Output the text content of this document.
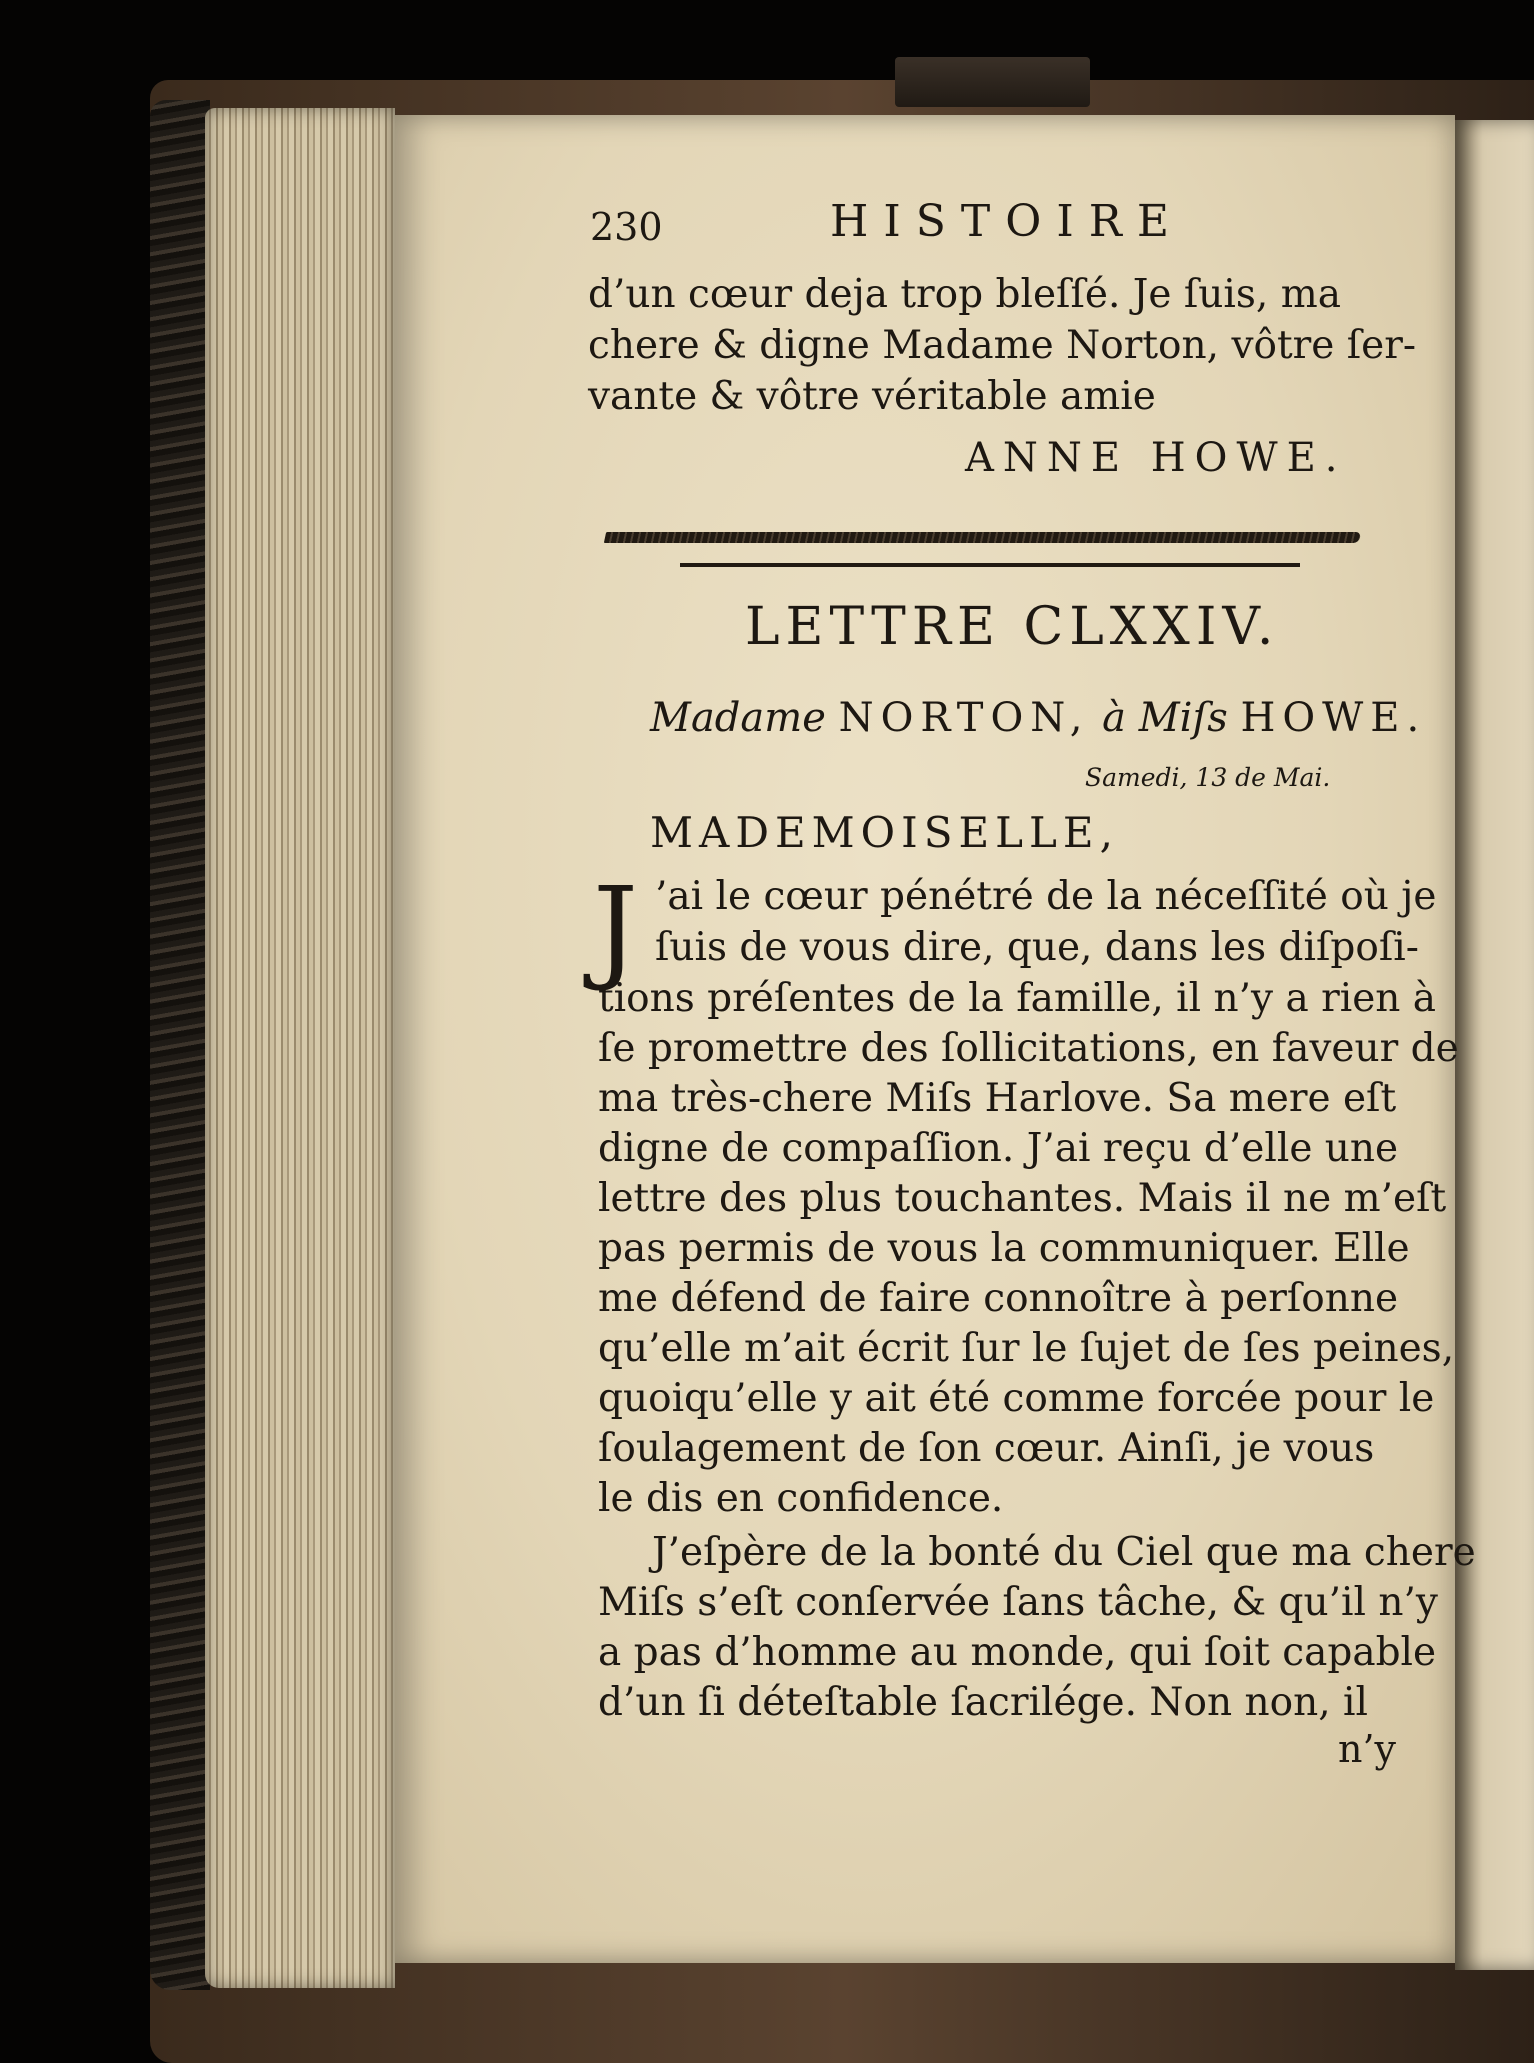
230	HISTOIRE

d’un cœur deja trop bleſſé. Je ſuis, ma

chere & digne Madame Norton, vôtre ſer-

vante & vôtre véritable amie

ANNE HOWE.

LETTRE CLXXIV.

Madame NORTON, à Miſs HOWE.

Samedi, 13 de Mai.

MADEMOISELLE,

J ’ai le cœur pénétré de la néceſſité où je

ſuis de vous dire, que, dans les diſpoſi-

tions préſentes de la famille, il n’y a rien à

ſe promettre des ſollicitations, en faveur de

ma très-chere Miſs Harlove. Sa mere eſt

digne de compaſſion. J’ai reçu d’elle une

lettre des plus touchantes. Mais il ne m’eſt

pas permis de vous la communiquer. Elle

me défend de faire connoître à perſonne

qu’elle m’ait écrit ſur le ſujet de ſes peines,

quoiqu’elle y ait été comme forcée pour le

ſoulagement de ſon cœur. Ainſi, je vous

le dis en confidence.

J’eſpère de la bonté du Ciel que ma chere

Miſs s’eſt conſervée ſans tâche, & qu’il n’y

a pas d’homme au monde, qui ſoit capable

d’un ſi déteſtable ſacrilége. Non non, il

n’y
